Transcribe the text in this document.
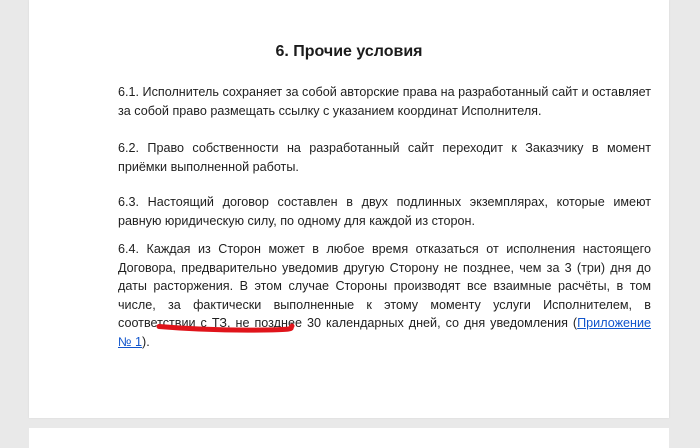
6. Прочие условия

6.1. Исполнитель сохраняет за собой авторские права на разработанный сайт и оставляет за собой право размещать ссылку с указанием координат Исполнителя.

6.2. Право собственности на разработанный сайт переходит к Заказчику в момент приёмки выполненной работы.

6.3. Настоящий договор составлен в двух подлинных экземплярах, которые имеют равную юридическую силу, по одному для каждой из сторон.

6.4. Каждая из Сторон может в любое время отказаться от исполнения настоящего Договора, предварительно уведомив другую Сторону не позднее, чем за 3 (три) дня до даты расторжения. В этом случае Стороны производят все взаимные расчёты, в том числе, за фактически выполненные к этому моменту услуги Исполнителем, в соответствии с ТЗ, не позднее 30 календарных дней, со дня уведомления (Приложение № 1).
